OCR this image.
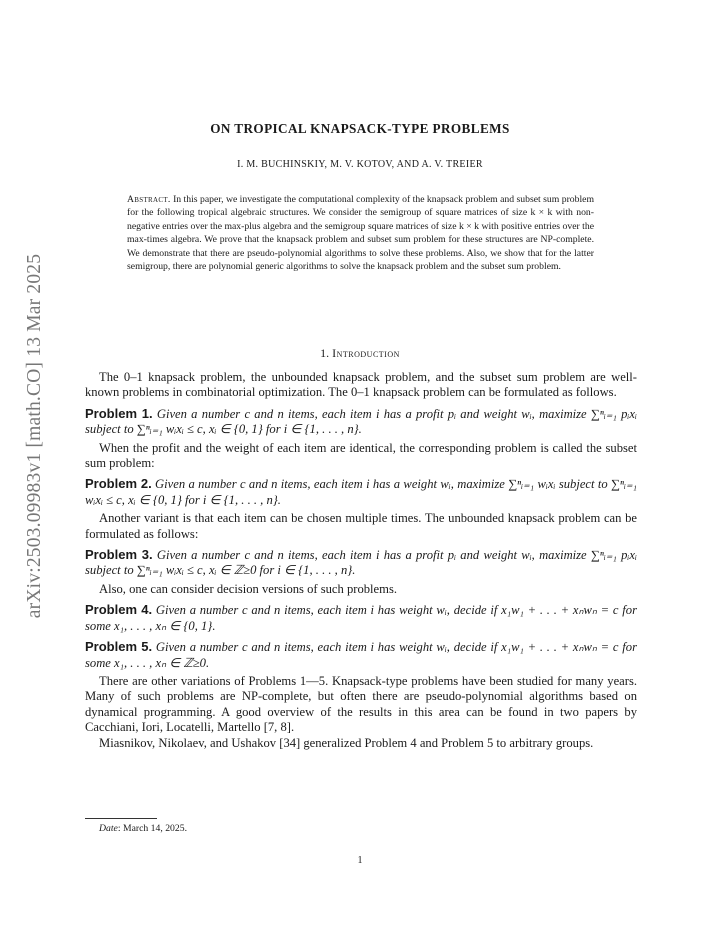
arXiv:2503.09983v1 [math.CO] 13 Mar 2025
ON TROPICAL KNAPSACK-TYPE PROBLEMS
I. M. BUCHINSKIY, M. V. KOTOV, AND A. V. TREIER
Abstract. In this paper, we investigate the computational complexity of the knapsack problem and subset sum problem for the following tropical algebraic structures. We consider the semigroup of square matrices of size k × k with non-negative entries over the max-plus algebra and the semigroup square matrices of size k × k with positive entries over the max-times algebra. We prove that the knapsack problem and subset sum problem for these structures are NP-complete. We demonstrate that there are pseudo-polynomial algorithms to solve these problems. Also, we show that for the latter semigroup, there are polynomial generic algorithms to solve the knapsack problem and the subset sum problem.
1. Introduction

The 0–1 knapsack problem, the unbounded knapsack problem, and the subset sum problem are well-known problems in combinatorial optimization. The 0–1 knapsack problem can be formulated as follows.

Problem 1. Given a number c and n items, each item i has a profit pᵢ and weight wᵢ, maximize ∑ⁿᵢ₌₁ pᵢxᵢ subject to ∑ⁿᵢ₌₁ wᵢxᵢ ≤ c, xᵢ ∈ {0, 1} for i ∈ {1, . . . , n}.

When the profit and the weight of each item are identical, the corresponding problem is called the subset sum problem:

Problem 2. Given a number c and n items, each item i has a weight wᵢ, maximize ∑ⁿᵢ₌₁ wᵢxᵢ subject to ∑ⁿᵢ₌₁ wᵢxᵢ ≤ c, xᵢ ∈ {0, 1} for i ∈ {1, . . . , n}.

Another variant is that each item can be chosen multiple times. The unbounded knapsack problem can be formulated as follows:

Problem 3. Given a number c and n items, each item i has a profit pᵢ and weight wᵢ, maximize ∑ⁿᵢ₌₁ pᵢxᵢ subject to ∑ⁿᵢ₌₁ wᵢxᵢ ≤ c, xᵢ ∈ ℤ≥0 for i ∈ {1, . . . , n}.

Also, one can consider decision versions of such problems.

Problem 4. Given a number c and n items, each item i has weight wᵢ, decide if x₁w₁ + . . . + xₙwₙ = c for some x₁, . . . , xₙ ∈ {0, 1}.

Problem 5. Given a number c and n items, each item i has weight wᵢ, decide if x₁w₁ + . . . + xₙwₙ = c for some x₁, . . . , xₙ ∈ ℤ≥0.

There are other variations of Problems 1—5. Knapsack-type problems have been studied for many years. Many of such problems are NP-complete, but often there are pseudo-polynomial algorithms based on dynamical programming. A good overview of the results in this area can be found in two papers by Cacchiani, Iori, Locatelli, Martello [7, 8].

Miasnikov, Nikolaev, and Ushakov [34] generalized Problem 4 and Problem 5 to arbitrary groups.

Date: March 14, 2025.
1
